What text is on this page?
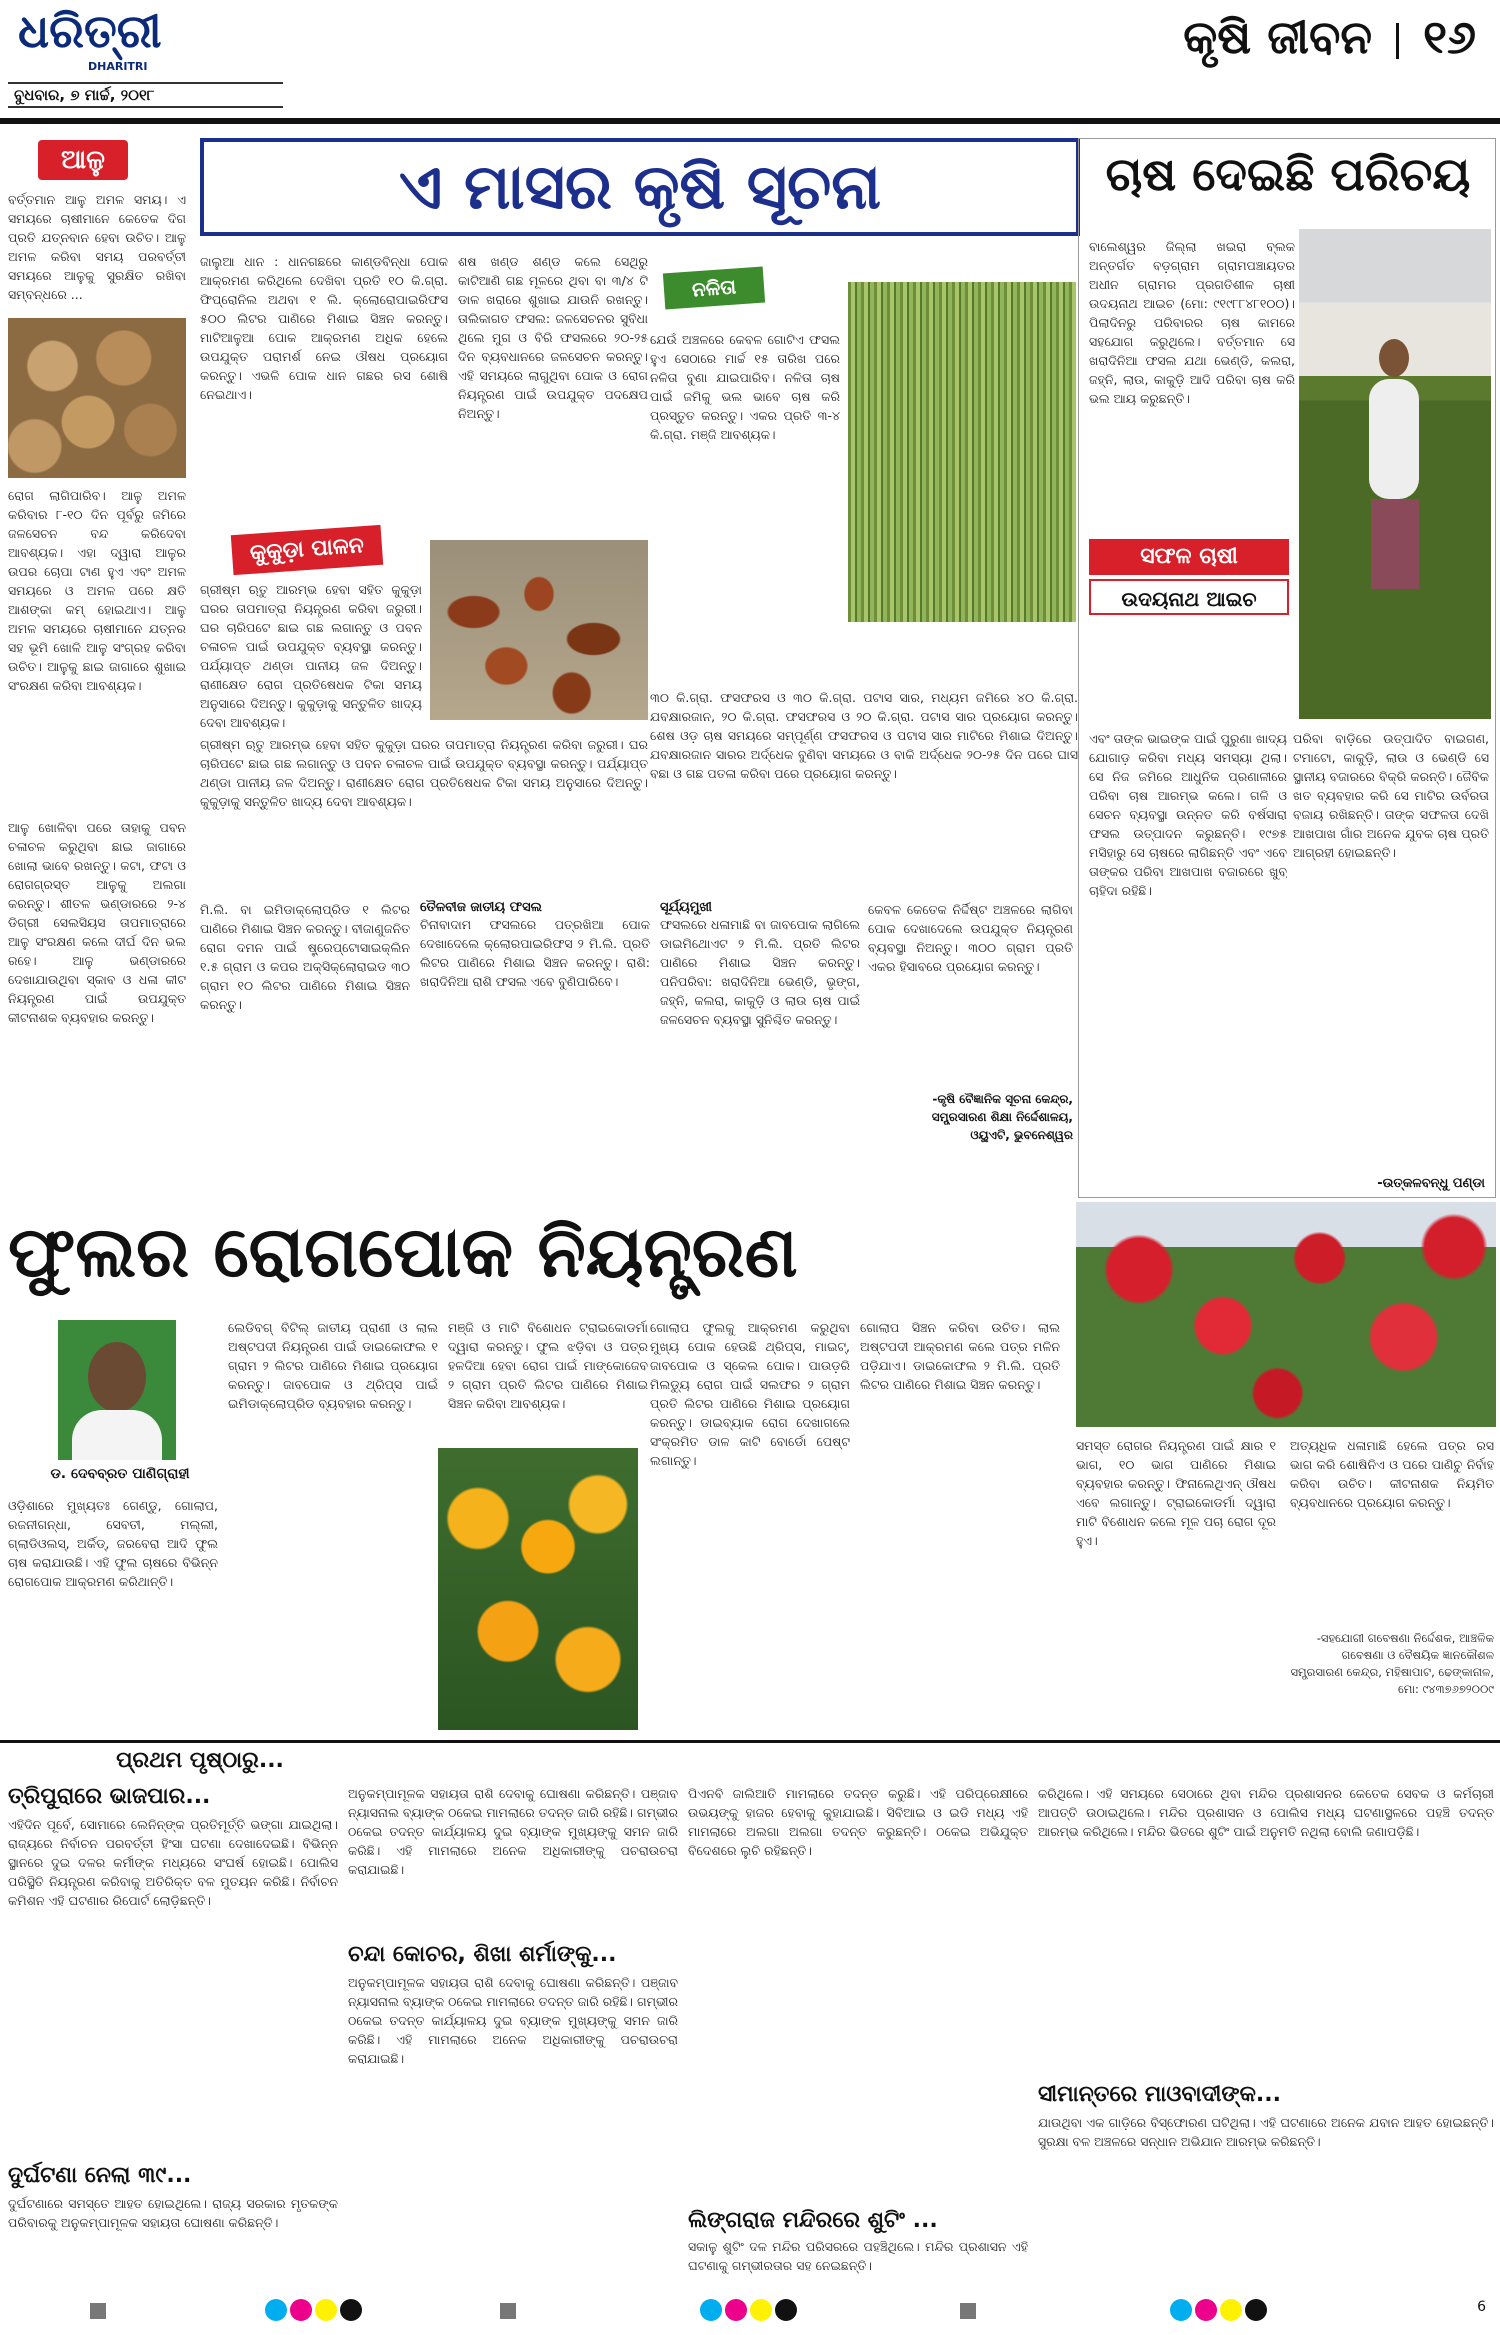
ଧରିତ୍ରୀ
DHARITRI
ବୁଧବାର, ୭ ମାର୍ଚ୍ଚ, ୨୦୧୮
କୃଷି ଜୀବନ ୧୬
ଆଳୁ
ବର୍ତ୍ତମାନ ଆଳୁ ଅମଳ ସମୟ। ଏ ସମୟରେ ଚାଷୀମାନେ କେତେକ ଦିଗ ପ୍ରତି ଯତ୍ନବାନ ହେବା ଉଚିତ। ଆଳୁ ଅମଳ କରିବା ସମୟ ପରବର୍ତ୍ତୀ ସମୟରେ ଆଳୁକୁ ସୁରକ୍ଷିତ ରଖିବା ସମ୍ବନ୍ଧରେ ...
ରୋଗ ଲାଗିପାରିବ। ଆଳୁ ଅମଳ କରିବାର ୮-୧୦ ଦିନ ପୂର୍ବରୁ ଜମିରେ ଜଳସେଚନ ବନ୍ଦ କରିଦେବା ଆବଶ୍ୟକ। ଏହା ଦ୍ୱାରା ଆଳୁର ଉପର ଚୋପା ଟାଣ ହୁଏ ଏବଂ ଅମଳ ସମୟରେ ଓ ଅମଳ ପରେ କ୍ଷତି ଆଶଙ୍କା କମ୍ ହୋଇଥାଏ। ଆଳୁ ଅମଳ ସମୟରେ ଚାଷୀମାନେ ଯତ୍ନର ସହ ଭୂମି ଖୋଳି ଆଳୁ ସଂଗ୍ରହ କରିବା ଉଚିତ। ଆଳୁକୁ ଛାଇ ଜାଗାରେ ଶୁଖାଇ ସଂରକ୍ଷଣ କରିବା ଆବଶ୍ୟକ।
ଆଳୁ ଖୋଳିବା ପରେ ତାହାକୁ ପବନ ଚଳାଚଳ କରୁଥିବା ଛାଇ ଜାଗାରେ ଖୋଲା ଭାବେ ରଖନ୍ତୁ। କଟା, ଫଟା ଓ ରୋଗଗ୍ରସ୍ତ ଆଳୁକୁ ଅଲଗା କରନ୍ତୁ। ଶୀତଳ ଭଣ୍ଡାରରେ ୨-୪ ଡିଗ୍ରୀ ସେଲସିୟସ ତାପମାତ୍ରାରେ ଆଳୁ ସଂରକ୍ଷଣ କଲେ ଦୀର୍ଘ ଦିନ ଭଲ ରହେ। ଆଳୁ ଭଣ୍ଡାରରେ ଦେଖାଯାଉଥିବା ସ୍କାବ ଓ ଧଳା କୀଟ ନିୟନ୍ତ୍ରଣ ପାଇଁ ଉପଯୁକ୍ତ କୀଟନାଶକ ବ୍ୟବହାର କରନ୍ତୁ।
ଏ ମାସର କୃଷି ସୂଚନା
ଜାଲୁଆ ଧାନ : ଧାନଗଛରେ କାଣ୍ଡବିନ୍ଧା ପୋକ ଆକ୍ରମଣ କରିଥିଲେ ଦେଖିବା ପ୍ରତି ୧୦ କି.ଗ୍ରା. ଫିପ୍ରୋନିଲ ଅଥବା ୧ ଲି. କ୍ଲୋରୋପାଇରିଫସ ୫୦୦ ଲିଟର ପାଣିରେ ମିଶାଇ ସିଞ୍ଚନ କରନ୍ତୁ। ମାଟିଆଳୁଆ ପୋକ ଆକ୍ରମଣ ଅଧିକ ହେଲେ ଉପଯୁକ୍ତ ପରାମର୍ଶ ନେଇ ଔଷଧ ପ୍ରୟୋଗ କରନ୍ତୁ। ଏଭଳି ପୋକ ଧାନ ଗଛର ରସ ଶୋଷି ନେଇଥାଏ।
ଶଷ ଖଣ୍ଡ ଶଣ୍ଡ କଲେ ସେଥିରୁ କାଟିଆଣି ଗଛ ମୂଳରେ ଥିବା ବା ୩/୪ ଟି ଡାଳ ଖରାରେ ଶୁଖାଇ ଯାଉନି ରଖନ୍ତୁ। ତାଲିକାଗତ ଫସଲ: ଜଳସେଚନର ସୁବିଧା ଥିଲେ ମୁଗ ଓ ବିରି ଫସଲରେ ୨୦-୨୫ ଦିନ ବ୍ୟବଧାନରେ ଜଳସେଚନ କରନ୍ତୁ। ଏହି ସମୟରେ ଲାଗୁଥିବା ପୋକ ଓ ରୋଗ ନିୟନ୍ତ୍ରଣ ପାଇଁ ଉପଯୁକ୍ତ ପଦକ୍ଷେପ ନିଅନ୍ତୁ।
କୁକୁଡ଼ା ପାଳନ
ଗ୍ରୀଷ୍ମ ଋତୁ ଆରମ୍ଭ ହେବା ସହିତ କୁକୁଡ଼ା ଘରର ତାପମାତ୍ରା ନିୟନ୍ତ୍ରଣ କରିବା ଜରୁରୀ। ଘର ଚାରିପଟେ ଛାଇ ଗଛ ଲଗାନ୍ତୁ ଓ ପବନ ଚଳାଚଳ ପାଇଁ ଉପଯୁକ୍ତ ବ୍ୟବସ୍ଥା କରନ୍ତୁ। ପର୍ଯ୍ୟାପ୍ତ ଥଣ୍ଡା ପାନୀୟ ଜଳ ଦିଅନ୍ତୁ। ରାଣୀକ୍ଷେତ ରୋଗ ପ୍ରତିଷେଧକ ଟିକା ସମୟ ଅନୁସାରେ ଦିଅନ୍ତୁ। କୁକୁଡ଼ାକୁ ସନ୍ତୁଳିତ ଖାଦ୍ୟ ଦେବା ଆବଶ୍ୟକ।
ଗ୍ରୀଷ୍ମ ଋତୁ ଆରମ୍ଭ ହେବା ସହିତ କୁକୁଡ଼ା ଘରର ତାପମାତ୍ରା ନିୟନ୍ତ୍ରଣ କରିବା ଜରୁରୀ। ଘର ଚାରିପଟେ ଛାଇ ଗଛ ଲଗାନ୍ତୁ ଓ ପବନ ଚଳାଚଳ ପାଇଁ ଉପଯୁକ୍ତ ବ୍ୟବସ୍ଥା କରନ୍ତୁ। ପର୍ଯ୍ୟାପ୍ତ ଥଣ୍ଡା ପାନୀୟ ଜଳ ଦିଅନ୍ତୁ। ରାଣୀକ୍ଷେତ ରୋଗ ପ୍ରତିଷେଧକ ଟିକା ସମୟ ଅନୁସାରେ ଦିଅନ୍ତୁ। କୁକୁଡ଼ାକୁ ସନ୍ତୁଳିତ ଖାଦ୍ୟ ଦେବା ଆବଶ୍ୟକ।
ଯେଉଁ ଅଞ୍ଚଳରେ କେବଳ ଗୋଟିଏ ଫସଲ ହୁଏ ସେଠାରେ ମାର୍ଚ୍ଚ ୧୫ ତାରିଖ ପରେ ନଳିତା ବୁଣା ଯାଇପାରିବ। ନଳିତା ଚାଷ ପାଇଁ ଜମିକୁ ଭଲ ଭାବେ ଚାଷ କରି ପ୍ରସ୍ତୁତ କରନ୍ତୁ। ଏକର ପ୍ରତି ୩-୪ କି.ଗ୍ରା. ମଞ୍ଜି ଆବଶ୍ୟକ।
ନଳିତା
୩୦ କି.ଗ୍ରା. ଫସଫରସ ଓ ୩୦ କି.ଗ୍ରା. ପଟାସ ସାର, ମଧ୍ୟମ ଜମିରେ ୪୦ କି.ଗ୍ରା. ଯବକ୍ଷାରଜାନ, ୨୦ କି.ଗ୍ରା. ଫସଫରସ ଓ ୨୦ କି.ଗ୍ରା. ପଟାସ ସାର ପ୍ରୟୋଗ କରନ୍ତୁ। ଶେଷ ଓଡ଼ ଚାଷ ସମୟରେ ସମ୍ପୂର୍ଣ୍ଣ ଫସଫରସ ଓ ପଟାସ ସାର ମାଟିରେ ମିଶାଇ ଦିଅନ୍ତୁ। ଯବକ୍ଷାରଜାନ ସାରର ଅର୍ଦ୍ଧେକ ବୁଣିବା ସମୟରେ ଓ ବାକି ଅର୍ଦ୍ଧେକ ୨୦-୨୫ ଦିନ ପରେ ଘାସ ବଛା ଓ ଗଛ ପତଳା କରିବା ପରେ ପ୍ରୟୋଗ କରନ୍ତୁ।
ଚାଷ ଦେଇଛି ପରିଚୟ
ବାଲେଶ୍ୱର ଜିଲ୍ଲା ଖଇରା ବ୍ଲକ ଅନ୍ତର୍ଗତ ବଡ଼ଗ୍ରାମ ଗ୍ରାମପଞ୍ଚାୟତର ଅଧୀନ ଗ୍ରାମର ପ୍ରଗତିଶୀଳ ଚାଷୀ ଉଦୟନାଥ ଆଇଚ (ମୋ: ୯୧୯୮୮୪୮୧୦୦)। ପିଲାଦିନରୁ ପରିବାରର ଚାଷ କାମରେ ସହଯୋଗ କରୁଥିଲେ। ବର୍ତ୍ତମାନ ସେ ଖରାଦିନିଆ ଫସଲ ଯଥା ଭେଣ୍ଡି, କଲରା, ଜହ୍ନି, ଲାଉ, କାକୁଡ଼ି ଆଦି ପରିବା ଚାଷ କରି ଭଲ ଆୟ କରୁଛନ୍ତି।
ସଫଳ ଚାଷୀ
ଉଦୟନାଥ ଆଇଚ
ଏବଂ ତାଙ୍କ ଭାଇଙ୍କ ପାଇଁ ପୁରୁଣା ଖାଦ୍ୟ ଯୋଗାଡ଼ କରିବା ମଧ୍ୟ ସମସ୍ୟା ଥିଲା। ସେ ନିଜ ଜମିରେ ଆଧୁନିକ ପ୍ରଣାଳୀରେ ପରିବା ଚାଷ ଆରମ୍ଭ କଲେ। ଗଳି ଓ ସେଚନ ବ୍ୟବସ୍ଥା ଉନ୍ନତ କରି ବର୍ଷସାରା ଫସଲ ଉତ୍ପାଦନ କରୁଛନ୍ତି। ୧୯୭୫ ମସିହାରୁ ସେ ଚାଷରେ ଲାଗିଛନ୍ତି ଏବଂ ଏବେ ତାଙ୍କର ପରିବା ଆଖପାଖ ବଜାରରେ ଖୁବ୍ ଚାହିଦା ରହିଛି।
ପରିବା ବାଡ଼ିରେ ଉତ୍ପାଦିତ ବାଇଗଣ, ଟମାଟୋ, କାକୁଡ଼ି, ଲାଉ ଓ ଭେଣ୍ଡି ସେ ସ୍ଥାନୀୟ ବଜାରରେ ବିକ୍ରି କରନ୍ତି। ଜୈବିକ ଖତ ବ୍ୟବହାର କରି ସେ ମାଟିର ଉର୍ବରତା ବଜାୟ ରଖିଛନ୍ତି। ତାଙ୍କ ସଫଳତା ଦେଖି ଆଖପାଖ ଗାଁର ଅନେକ ଯୁବକ ଚାଷ ପ୍ରତି ଆଗ୍ରହୀ ହୋଇଛନ୍ତି।
-ଉତ୍କଳବନ୍ଧୁ ପଣ୍ଡା
ମି.ଲି. ବା ଇମିଡାକ୍ଲୋପ୍ରିଡ ୧ ଲିଟର ପାଣିରେ ମିଶାଇ ସିଞ୍ଚନ କରନ୍ତୁ। ବୀଜାଣୁଜନିତ ରୋଗ ଦମନ ପାଇଁ ଷ୍ଟ୍ରେପ୍ଟୋସାଇକ୍ଲିନ ୧.୫ ଗ୍ରାମ ଓ କପର ଅକ୍ସିକ୍ଲୋରାଇଡ ୩୦ ଗ୍ରାମ ୧୦ ଲିଟର ପାଣିରେ ମିଶାଇ ସିଞ୍ଚନ କରନ୍ତୁ।
ତୈଳବୀଜ ଜାତୀୟ ଫସଲ
ଚିନାବାଦାମ ଫସଲରେ ପତ୍ରଖିଆ ପୋକ ଦେଖାଦେଲେ କ୍ଲୋରପାଇରିଫସ ୨ ମି.ଲି. ପ୍ରତି ଲିଟର ପାଣିରେ ମିଶାଇ ସିଞ୍ଚନ କରନ୍ତୁ। ରାଶି: ଖରାଦିନିଆ ରାଶି ଫସଲ ଏବେ ବୁଣିପାରିବେ।
ସୂର୍ଯ୍ୟମୁଖୀ
ଫସଲରେ ଧଳାମାଛି ବା ଜାବପୋକ ଲାଗିଲେ ଡାଇମିଥୋଏଟ ୨ ମି.ଲି. ପ୍ରତି ଲିଟର ପାଣିରେ ମିଶାଇ ସିଞ୍ଚନ କରନ୍ତୁ। ପନିପରିବା: ଖରାଦିନିଆ ଭେଣ୍ଡି, ଭୃଙ୍ଗ, ଜହ୍ନି, କଲରା, କାକୁଡ଼ି ଓ ଲାଉ ଚାଷ ପାଇଁ ଜଳସେଚନ ବ୍ୟବସ୍ଥା ସୁନିଶ୍ଚିତ କରନ୍ତୁ।
କେବଳ କେତେକ ନିର୍ଦ୍ଦିଷ୍ଟ ଅଞ୍ଚଳରେ ଲାଗିବା ପୋକ ଦେଖାଦେଲେ ଉପଯୁକ୍ତ ନିୟନ୍ତ୍ରଣ ବ୍ୟବସ୍ଥା ନିଅନ୍ତୁ। ୩୦୦ ଗ୍ରାମ ପ୍ରତି ଏକର ହିସାବରେ ପ୍ରୟୋଗ କରନ୍ତୁ।
-କୃଷି ବୈଜ୍ଞାନିକ ସୂଚନା କେନ୍ଦ୍ର,
ସମ୍ପ୍ରସାରଣ ଶିକ୍ଷା ନିର୍ଦ୍ଦେଶାଳୟ,
ଓୟୁଏଟି, ଭୁବନେଶ୍ୱର
ଫୁଲର ରୋଗପୋକ ନିୟନ୍ତ୍ରଣ
ଡ. ଦେବବ୍ରତ ପାଣିଗ୍ରାହୀ
ଓଡ଼ିଶାରେ ମୁଖ୍ୟତଃ ଗେଣ୍ଡୁ, ଗୋଲାପ, ରଜନୀଗନ୍ଧା, ସେବତୀ, ମଲ୍ଲୀ, ଗ୍ଲାଡିଓଲସ୍, ଅର୍କିଡ୍, ଜରବେରା ଆଦି ଫୁଲ ଚାଷ କରାଯାଉଛି। ଏହି ଫୁଲ ଚାଷରେ ବିଭିନ୍ନ ରୋଗପୋକ ଆକ୍ରମଣ କରିଥାନ୍ତି।
ଲେଡିବଗ୍ ବିଟିଲ୍ ଜାତୀୟ ପ୍ରାଣୀ ଓ ଲାଲ ଅଷ୍ଟପଦୀ ନିୟନ୍ତ୍ରଣ ପାଇଁ ଡାଇକୋଫଲ ୧ ଗ୍ରାମ ୨ ଲିଟର ପାଣିରେ ମିଶାଇ ପ୍ରୟୋଗ କରନ୍ତୁ। ଜାବପୋକ ଓ ଥ୍ରିପ୍ସ ପାଇଁ ଇମିଡାକ୍ଲୋପ୍ରିଡ ବ୍ୟବହାର କରନ୍ତୁ।
ମଞ୍ଜି ଓ ମାଟି ବିଶୋଧନ ଟ୍ରାଇକୋଡର୍ମା ଦ୍ୱାରା କରନ୍ତୁ। ଫୁଲ ଝଡ଼ିବା ଓ ପତ୍ର ହଳଦିଆ ହେବା ରୋଗ ପାଇଁ ମାଙ୍କୋଜେବ ୨ ଗ୍ରାମ ପ୍ରତି ଲିଟର ପାଣିରେ ମିଶାଇ ସିଞ୍ଚନ କରିବା ଆବଶ୍ୟକ।
ଗୋଲାପ ଫୁଲକୁ ଆକ୍ରମଣ କରୁଥିବା ମୁଖ୍ୟ ପୋକ ହେଉଛି ଥ୍ରିପ୍ସ, ମାଇଟ୍, ଜାବପୋକ ଓ ସ୍କେଲ ପୋକ। ପାଉଡ଼ରି ମିଲଡ୍ୟୁ ରୋଗ ପାଇଁ ସଲଫର ୨ ଗ୍ରାମ ପ୍ରତି ଲିଟର ପାଣିରେ ମିଶାଇ ପ୍ରୟୋଗ କରନ୍ତୁ। ଡାଇବ୍ୟାକ ରୋଗ ଦେଖାଗଲେ ସଂକ୍ରମିତ ଡାଳ କାଟି ବୋର୍ଡୋ ପେଷ୍ଟ ଲଗାନ୍ତୁ।
ଗୋଲାପ ସିଞ୍ଚନ କରିବା ଉଚିତ। ଲାଲ ଅଷ୍ଟପଦୀ ଆକ୍ରମଣ କଲେ ପତ୍ର ମଳିନ ପଡ଼ିଯାଏ। ଡାଇକୋଫଲ ୨ ମି.ଲି. ପ୍ରତି ଲିଟର ପାଣିରେ ମିଶାଇ ସିଞ୍ଚନ କରନ୍ତୁ।
ସମସ୍ତ ରୋଗର ନିୟନ୍ତ୍ରଣ ପାଇଁ କ୍ଷାର ୧ ଭାଗ, ୧୦ ଭାଗ ପାଣିରେ ମିଶାଇ ବ୍ୟବହାର କରନ୍ତୁ। ଫିନାଲେଥିଏନ୍ ଔଷଧ ଏବେ ଲଗାନ୍ତୁ। ଟ୍ରାଇକୋଡର୍ମା ଦ୍ୱାରା ମାଟି ବିଶୋଧନ କଲେ ମୂଳ ପଚା ରୋଗ ଦୂର ହୁଏ।
ଅତ୍ୟଧିକ ଧଳାମାଛି ହେଲେ ପତ୍ର ରସ ଭାଗ କରି ଶୋଷିନିଏ ଓ ପରେ ପାଣିଚୁ ନିର୍ବାହ କରିବା ଉଚିତ। କୀଟନାଶକ ନିୟମିତ ବ୍ୟବଧାନରେ ପ୍ରୟୋଗ କରନ୍ତୁ।
-ସହଯୋଗୀ ଗବେଷଣା ନିର୍ଦ୍ଦେଶକ, ଆଞ୍ଚଳିକ ଗବେଷଣା ଓ ବୈଷୟିକ ଜ୍ଞାନକୌଶଳ ସମ୍ପ୍ରସାରଣ କେନ୍ଦ୍ର, ମହିଷାପାଟ, ଢେଙ୍କାନାଳ, ମୋ: ୯୪୩୭୬୭୨୦୦୯
ପ୍ରଥମ ପୃଷ୍ଠାରୁ...
ତ୍ରିପୁରାରେ ଭାଜପାର...
ଏହିଦିନ ପୂର୍ବେ, ସୋମାରେ ଲେନିନ୍‌ଙ୍କ ପ୍ରତିମୂର୍ତ୍ତି ଭଙ୍ଗା ଯାଇଥିଲା। ରାଜ୍ୟରେ ନିର୍ବାଚନ ପରବର୍ତ୍ତୀ ହିଂସା ଘଟଣା ଦେଖାଦେଇଛି। ବିଭିନ୍ନ ସ୍ଥାନରେ ଦୁଇ ଦଳର କର୍ମୀଙ୍କ ମଧ୍ୟରେ ସଂଘର୍ଷ ହୋଇଛି। ପୋଲିସ ପରିସ୍ଥିତି ନିୟନ୍ତ୍ରଣ କରିବାକୁ ଅତିରିକ୍ତ ବଳ ମୁତୟନ କରିଛି। ନିର୍ବାଚନ କମିଶନ ଏହି ଘଟଣାର ରିପୋର୍ଟ ଲୋଡ଼ିଛନ୍ତି।
ଦୁର୍ଘଟଣା ନେଲା ୩୯...
ଦୁର୍ଘଟଣାରେ ସମସ୍ତେ ଆହତ ହୋଇଥିଲେ। ରାଜ୍ୟ ସରକାର ମୃତକଙ୍କ ପରିବାରକୁ ଅନୁକମ୍ପାମୂଳକ ସହାୟତା ଘୋଷଣା କରିଛନ୍ତି।
ଅନୁକମ୍ପାମୂଳକ ସହାୟତା ରାଶି ଦେବାକୁ ଘୋଷଣା କରିଛନ୍ତି। ପଞ୍ଜାବ ନ୍ୟାସନାଲ ବ୍ୟାଙ୍କ ଠକେଇ ମାମଲାରେ ତଦନ୍ତ ଜାରି ରହିଛି। ଗମ୍ଭୀର ଠକେଇ ତଦନ୍ତ କାର୍ଯ୍ୟାଳୟ ଦୁଇ ବ୍ୟାଙ୍କ ମୁଖ୍ୟଙ୍କୁ ସମନ ଜାରି କରିଛି। ଏହି ମାମଲାରେ ଅନେକ ଅଧିକାରୀଙ୍କୁ ପଚରାଉଚରା କରାଯାଇଛି।
ଚନ୍ଦା କୋଚର, ଶିଖା ଶର୍ମାଙ୍କୁ...
ଅନୁକମ୍ପାମୂଳକ ସହାୟତା ରାଶି ଦେବାକୁ ଘୋଷଣା କରିଛନ୍ତି। ପଞ୍ଜାବ ନ୍ୟାସନାଲ ବ୍ୟାଙ୍କ ଠକେଇ ମାମଲାରେ ତଦନ୍ତ ଜାରି ରହିଛି। ଗମ୍ଭୀର ଠକେଇ ତଦନ୍ତ କାର୍ଯ୍ୟାଳୟ ଦୁଇ ବ୍ୟାଙ୍କ ମୁଖ୍ୟଙ୍କୁ ସମନ ଜାରି କରିଛି। ଏହି ମାମଲାରେ ଅନେକ ଅଧିକାରୀଙ୍କୁ ପଚରାଉଚରା କରାଯାଇଛି।
ପିଏନବି ଜାଲିଆତି ମାମଲାରେ ତଦନ୍ତ କରୁଛି। ଏହି ପରିପ୍ରେକ୍ଷୀରେ ଉଭୟଙ୍କୁ ହାଜର ହେବାକୁ କୁହାଯାଇଛି। ସିବିଆଇ ଓ ଇଡି ମଧ୍ୟ ଏହି ମାମଲାରେ ଅଲଗା ଅଲଗା ତଦନ୍ତ କରୁଛନ୍ତି। ଠକେଇ ଅଭିଯୁକ୍ତ ବିଦେଶରେ ଲୁଚି ରହିଛନ୍ତି।
ଲିଙ୍ଗରାଜ ମନ୍ଦିରରେ ଶୁଟିଂ ...
ସକାଳୁ ଶୁଟିଂ ଦଳ ମନ୍ଦିର ପରିସରରେ ପହଞ୍ଚିଥିଲେ। ମନ୍ଦିର ପ୍ରଶାସନ ଏହି ଘଟଣାକୁ ଗମ୍ଭୀରତାର ସହ ନେଇଛନ୍ତି।
କରିଥିଲେ। ଏହି ସମୟରେ ସେଠାରେ ଥିବା ମନ୍ଦିର ପ୍ରଶାସନର କେତେକ ସେବକ ଓ କର୍ମଚାରୀ ଆପତ୍ତି ଉଠାଇଥିଲେ। ମନ୍ଦିର ପ୍ରଶାସନ ଓ ପୋଲିସ ମଧ୍ୟ ଘଟଣାସ୍ଥଳରେ ପହଞ୍ଚି ତଦନ୍ତ ଆରମ୍ଭ କରିଥିଲେ। ମନ୍ଦିର ଭିତରେ ଶୁଟିଂ ପାଇଁ ଅନୁମତି ନଥିଲା ବୋଲି ଜଣାପଡ଼ିଛି।
ସୀମାନ୍ତରେ ମାଓବାଦୀଙ୍କ...
ଯାଉଥିବା ଏକ ଗାଡ଼ିରେ ବିସ୍ଫୋରଣ ଘଟିଥିଲା। ଏହି ଘଟଣାରେ ଅନେକ ଯବାନ ଆହତ ହୋଇଛନ୍ତି। ସୁରକ୍ଷା ବଳ ଅଞ୍ଚଳରେ ସନ୍ଧାନ ଅଭିଯାନ ଆରମ୍ଭ କରିଛନ୍ତି।
6
